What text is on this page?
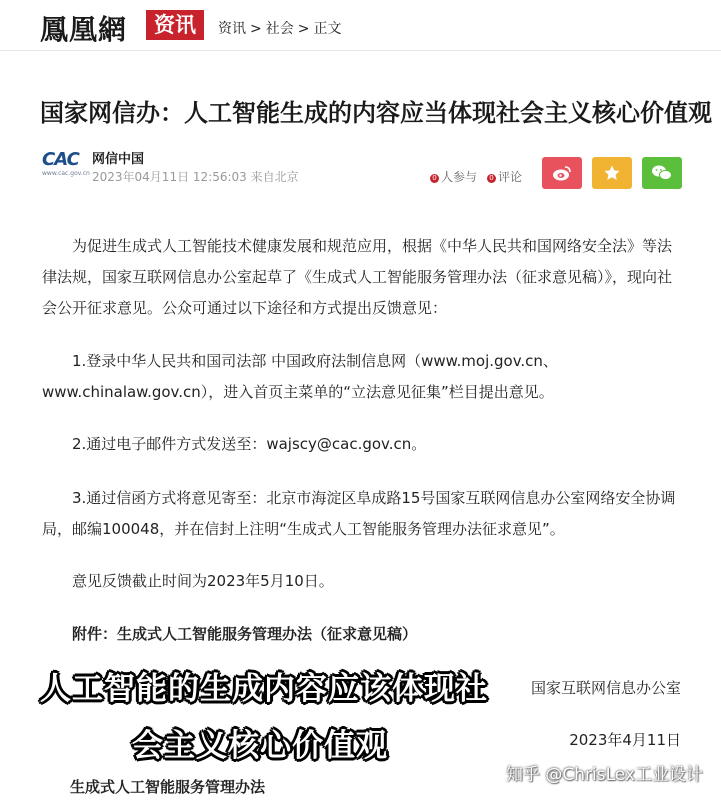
鳳凰網	资讯	资讯 > 社会 > 正文
国家网信办：人工智能生成的内容应当体现社会主义核心价值观
CAC
www.cac.gov.cn
网信中国
2023年04月11日 12:56:03 来自北京	0 人参与	0 评论
为促进生成式人工智能技术健康发展和规范应用，根据《中华人民共和国网络安全法》等法律法规，国家互联网信息办公室起草了《生成式人工智能服务管理办法（征求意见稿）》，现向社会公开征求意见。公众可通过以下途径和方式提出反馈意见：
1.登录中华人民共和国司法部 中国政府法制信息网（www.moj.gov.cn、www.chinalaw.gov.cn），进入首页主菜单的“立法意见征集”栏目提出意见。
2.通过电子邮件方式发送至：wajscy@cac.gov.cn。
3.通过信函方式将意见寄至：北京市海淀区阜成路15号国家互联网信息办公室网络安全协调局，邮编100048，并在信封上注明“生成式人工智能服务管理办法征求意见”。
意见反馈截止时间为2023年5月10日。
附件：生成式人工智能服务管理办法（征求意见稿）
国家互联网信息办公室
2023年4月11日
生成式人工智能服务管理办法
人工智能的生成内容应该体现社
会主义核心价值观
知乎 @ChrisLex工业设计
